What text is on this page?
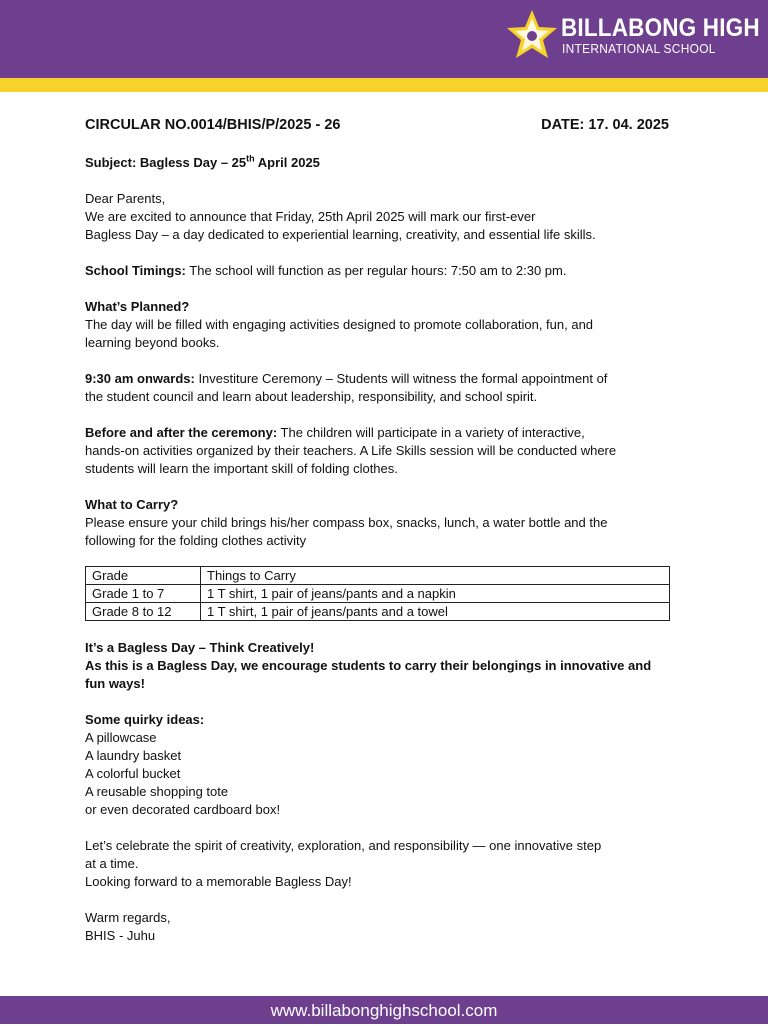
BILLABONG HIGH
INTERNATIONAL SCHOOL
CIRCULAR NO.0014/BHIS/P/2025 - 26	DATE: 17. 04. 2025
Subject: Bagless Day – 25th April 2025

Dear Parents,

We are excited to announce that Friday, 25th April 2025 will mark our first-ever

Bagless Day – a day dedicated to experiential learning, creativity, and essential life skills.

School Timings: The school will function as per regular hours: 7:50 am to 2:30 pm.

What’s Planned?

The day will be filled with engaging activities designed to promote collaboration, fun, and

learning beyond books.

9:30 am onwards: Investiture Ceremony – Students will witness the formal appointment of

the student council and learn about leadership, responsibility, and school spirit.

Before and after the ceremony: The children will participate in a variety of interactive,

hands-on activities organized by their teachers. A Life Skills session will be conducted where

students will learn the important skill of folding clothes.

What to Carry?

Please ensure your child brings his/her compass box, snacks, lunch, a water bottle and the

following for the folding clothes activity

Grade	Things to Carry
Grade 1 to 7	1 T shirt, 1 pair of jeans/pants and a napkin
Grade 8 to 12	1 T shirt, 1 pair of jeans/pants and a towel

It’s a Bagless Day – Think Creatively!

As this is a Bagless Day, we encourage students to carry their belongings in innovative and

fun ways!

Some quirky ideas:

A pillowcase

A laundry basket

A colorful bucket

A reusable shopping tote

or even decorated cardboard box!

Let’s celebrate the spirit of creativity, exploration, and responsibility — one innovative step

at a time.

Looking forward to a memorable Bagless Day!

Warm regards,

BHIS - Juhu

www.billabonghighschool.com
